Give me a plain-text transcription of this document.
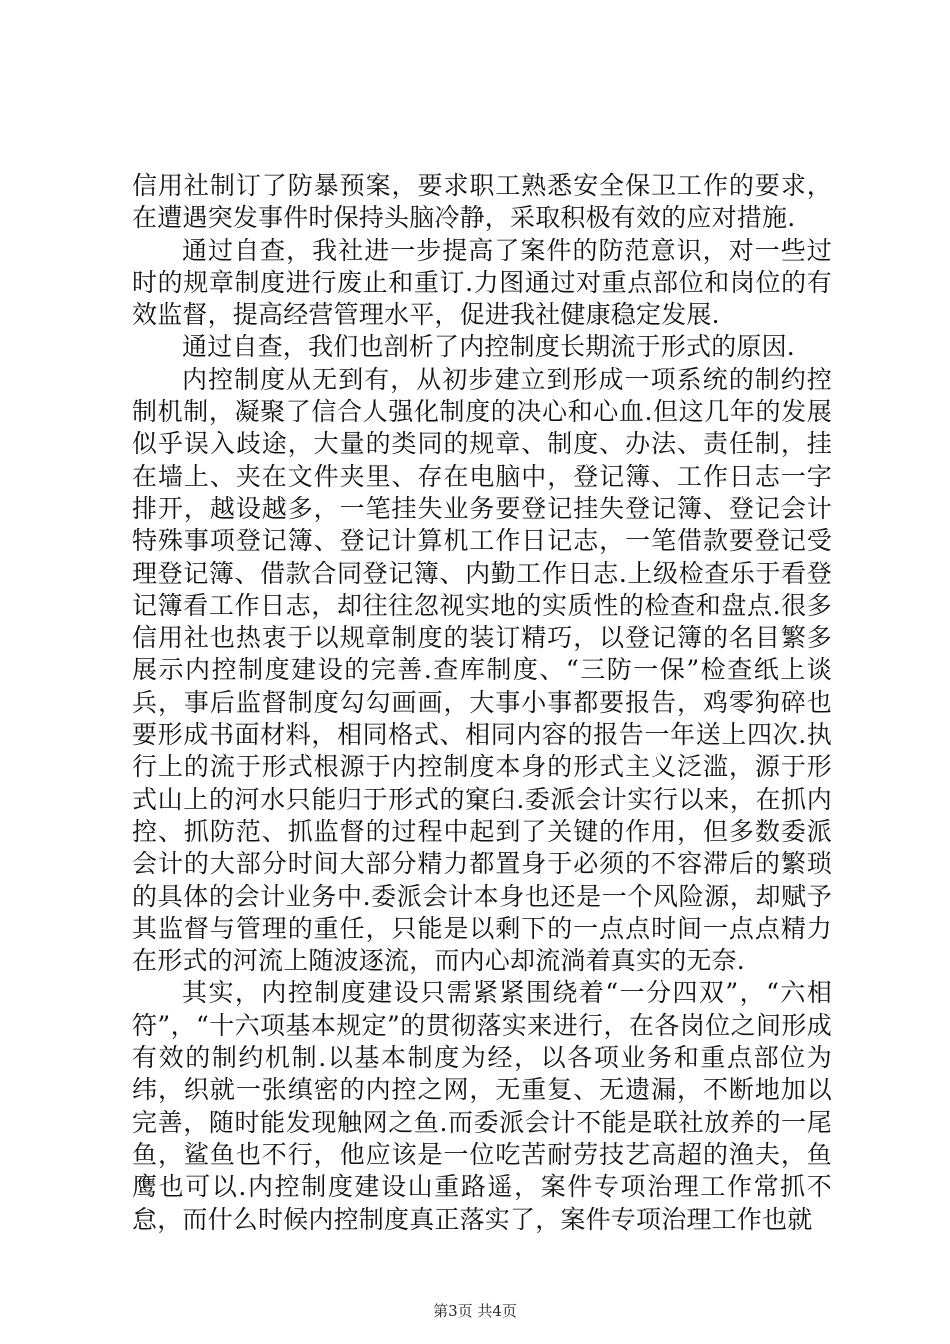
信用社制订了防暴预案，要求职工熟悉安全保卫工作的要求，在遭遇突发事件时保持头脑冷静，采取积极有效的应对措施.

通过自查，我社进一步提高了案件的防范意识，对一些过时的规章制度进行废止和重订.力图通过对重点部位和岗位的有效监督，提高经营管理水平，促进我社健康稳定发展.

通过自查，我们也剖析了内控制度长期流于形式的原因.

内控制度从无到有，从初步建立到形成一项系统的制约控制机制，凝聚了信合人强化制度的决心和心血.但这几年的发展似乎误入歧途，大量的类同的规章、制度、办法、责任制，挂在墙上、夹在文件夹里、存在电脑中，登记簿、工作日志一字排开，越设越多，一笔挂失业务要登记挂失登记簿、登记会计特殊事项登记簿、登记计算机工作日记志，一笔借款要登记受理登记簿、借款合同登记簿、内勤工作日志.上级检查乐于看登记簿看工作日志，却往往忽视实地的实质性的检查和盘点.很多信用社也热衷于以规章制度的装订精巧，以登记簿的名目繁多展示内控制度建设的完善.查库制度、“三防一保”检查纸上谈兵，事后监督制度勾勾画画，大事小事都要报告，鸡零狗碎也要形成书面材料，相同格式、相同内容的报告一年送上四次.执行上的流于形式根源于内控制度本身的形式主义泛滥，源于形式山上的河水只能归于形式的窠臼.委派会计实行以来，在抓内控、抓防范、抓监督的过程中起到了关键的作用，但多数委派会计的大部分时间大部分精力都置身于必须的不容滞后的繁琐的具体的会计业务中.委派会计本身也还是一个风险源，却赋予其监督与管理的重任，只能是以剩下的一点点时间一点点精力在形式的河流上随波逐流，而内心却流淌着真实的无奈.

其实，内控制度建设只需紧紧围绕着“一分四双”，“六相符”，“十六项基本规定”的贯彻落实来进行，在各岗位之间形成有效的制约机制.以基本制度为经，以各项业务和重点部位为纬，织就一张缜密的内控之网，无重复、无遗漏，不断地加以完善，随时能发现触网之鱼.而委派会计不能是联社放养的一尾鱼，鲨鱼也不行，他应该是一位吃苦耐劳技艺高超的渔夫，鱼鹰也可以.内控制度建设山重路遥，案件专项治理工作常抓不怠，而什么时候内控制度真正落实了，案件专项治理工作也就

第3页 共4页
